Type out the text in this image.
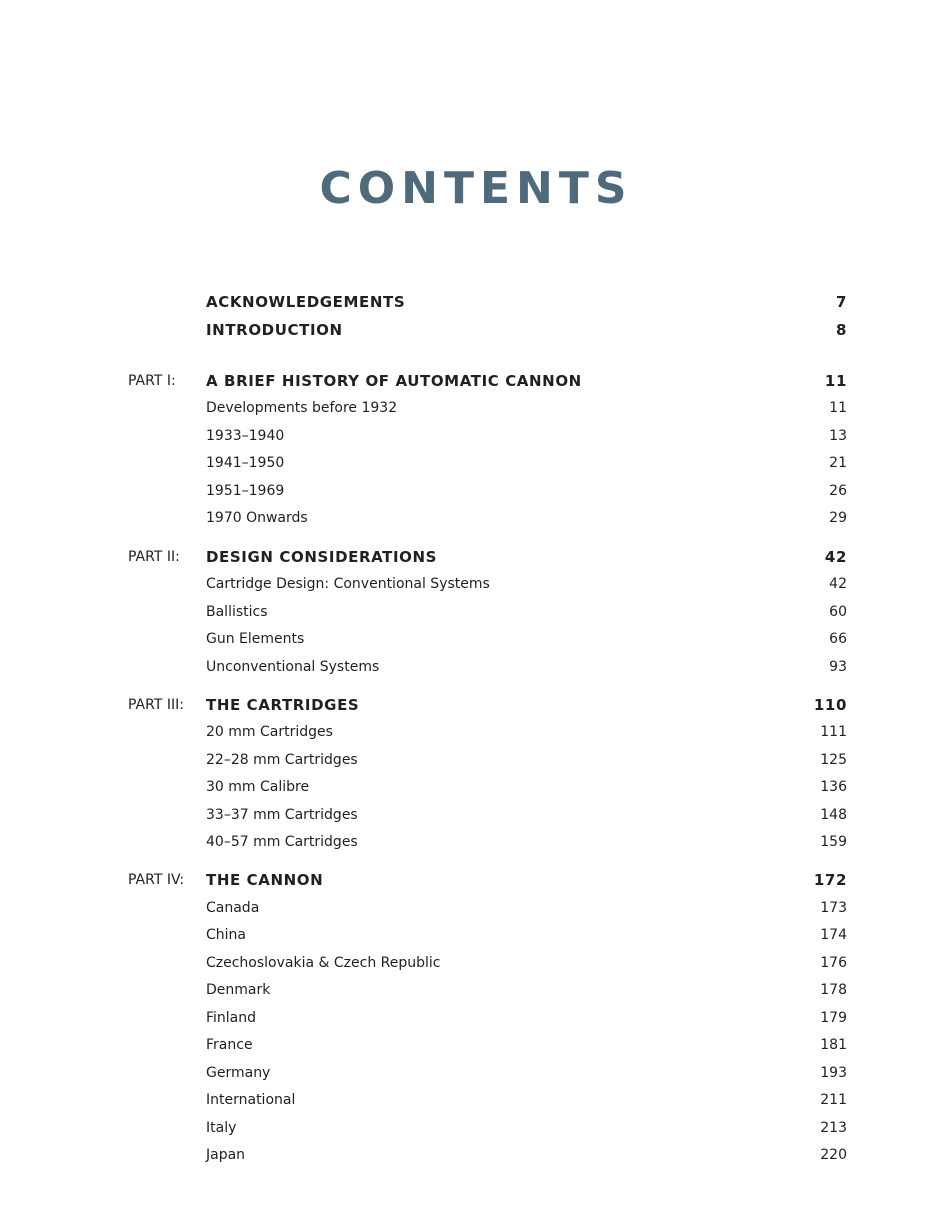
CONTENTS
ACKNOWLEDGEMENTS	7
INTRODUCTION	8
PART I: A BRIEF HISTORY OF AUTOMATIC CANNON	11
Developments before 1932	11
1933–1940	13
1941–1950	21
1951–1969	26
1970 Onwards	29
PART II: DESIGN CONSIDERATIONS	42
Cartridge Design: Conventional Systems	42
Ballistics	60
Gun Elements	66
Unconventional Systems	93
PART III: THE CARTRIDGES	110
20 mm Cartridges	111
22–28 mm Cartridges	125
30 mm Calibre	136
33–37 mm Cartridges	148
40–57 mm Cartridges	159
PART IV: THE CANNON	172
Canada	173
China	174
Czechoslovakia & Czech Republic	176
Denmark	178
Finland	179
France	181
Germany	193
International	211
Italy	213
Japan	220
